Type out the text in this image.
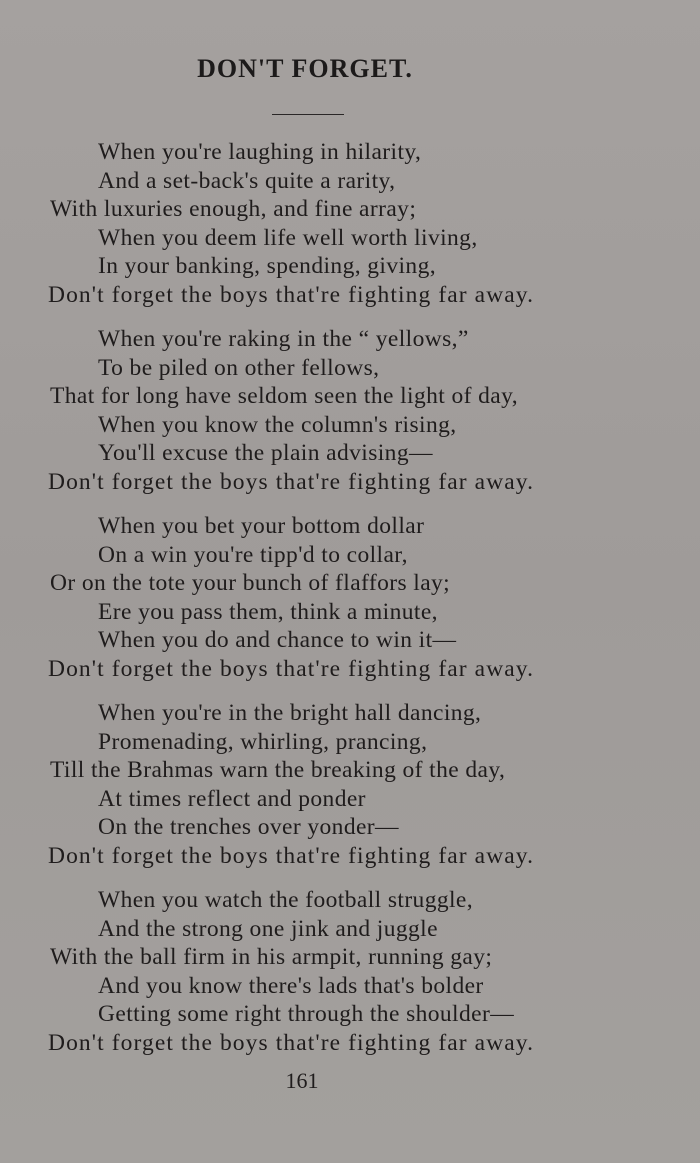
DON'T FORGET.
When you're laughing in hilarity,
And a set-back's quite a rarity,
With luxuries enough, and fine array;
When you deem life well worth living,
In your banking, spending, giving,
Don't forget the boys that're fighting far away.
When you're raking in the “ yellows,”
To be piled on other fellows,
That for long have seldom seen the light of day,
When you know the column's rising,
You'll excuse the plain advising—
Don't forget the boys that're fighting far away.
When you bet your bottom dollar
On a win you're tipp'd to collar,
Or on the tote your bunch of flaffors lay;
Ere you pass them, think a minute,
When you do and chance to win it—
Don't forget the boys that're fighting far away.
When you're in the bright hall dancing,
Promenading, whirling, prancing,
Till the Brahmas warn the breaking of the day,
At times reflect and ponder
On the trenches over yonder—
Don't forget the boys that're fighting far away.
When you watch the football struggle,
And the strong one jink and juggle
With the ball firm in his armpit, running gay;
And you know there's lads that's bolder
Getting some right through the shoulder—
Don't forget the boys that're fighting far away.
161
